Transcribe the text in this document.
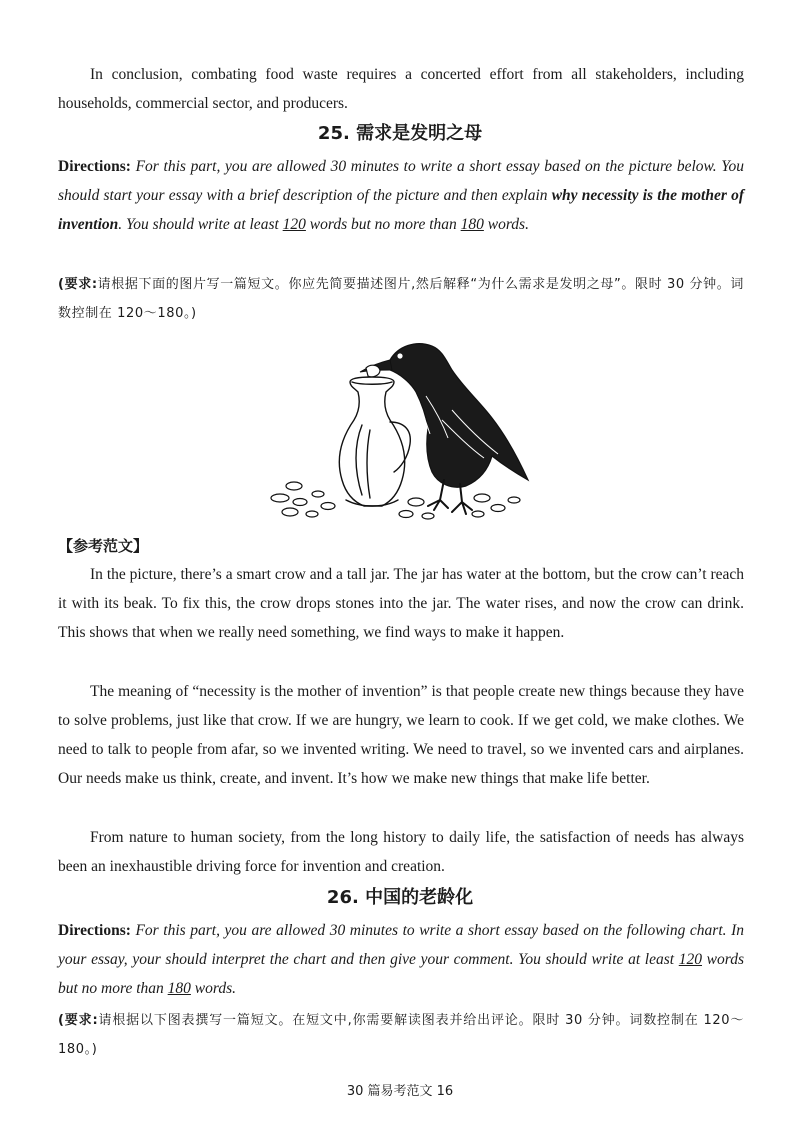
In conclusion, combating food waste requires a concerted effort from all stakeholders, including households, commercial sector, and producers.

25. 需求是发明之母

Directions: For this part, you are allowed 30 minutes to write a short essay based on the picture below. You should start your essay with a brief description of the picture and then explain why necessity is the mother of invention. You should write at least 120 words but no more than 180 words.

(要求:请根据下面的图片写一篇短文。你应先简要描述图片,然后解释“为什么需求是发明之母”。限时 30 分钟。词数控制在 120～180。)

【参考范文】

In the picture, there’s a smart crow and a tall jar. The jar has water at the bottom, but the crow can’t reach it with its beak. To fix this, the crow drops stones into the jar. The water rises, and now the crow can drink. This shows that when we really need something, we find ways to make it happen.

The meaning of “necessity is the mother of invention” is that people create new things because they have to solve problems, just like that crow. If we are hungry, we learn to cook. If we get cold, we make clothes. We need to talk to people from afar, so we invented writing. We need to travel, so we invented cars and airplanes. Our needs make us think, create, and invent. It’s how we make new things that make life better.

From nature to human society, from the long history to daily life, the satisfaction of needs has always been an inexhaustible driving force for invention and creation.

26. 中国的老龄化

Directions: For this part, you are allowed 30 minutes to write a short essay based on the following chart. In your essay, your should interpret the chart and then give your comment. You should write at least 120 words but no more than 180 words.

(要求:请根据以下图表撰写一篇短文。在短文中,你需要解读图表并给出评论。限时 30 分钟。词数控制在 120～180。)

30 篇易考范文 16
